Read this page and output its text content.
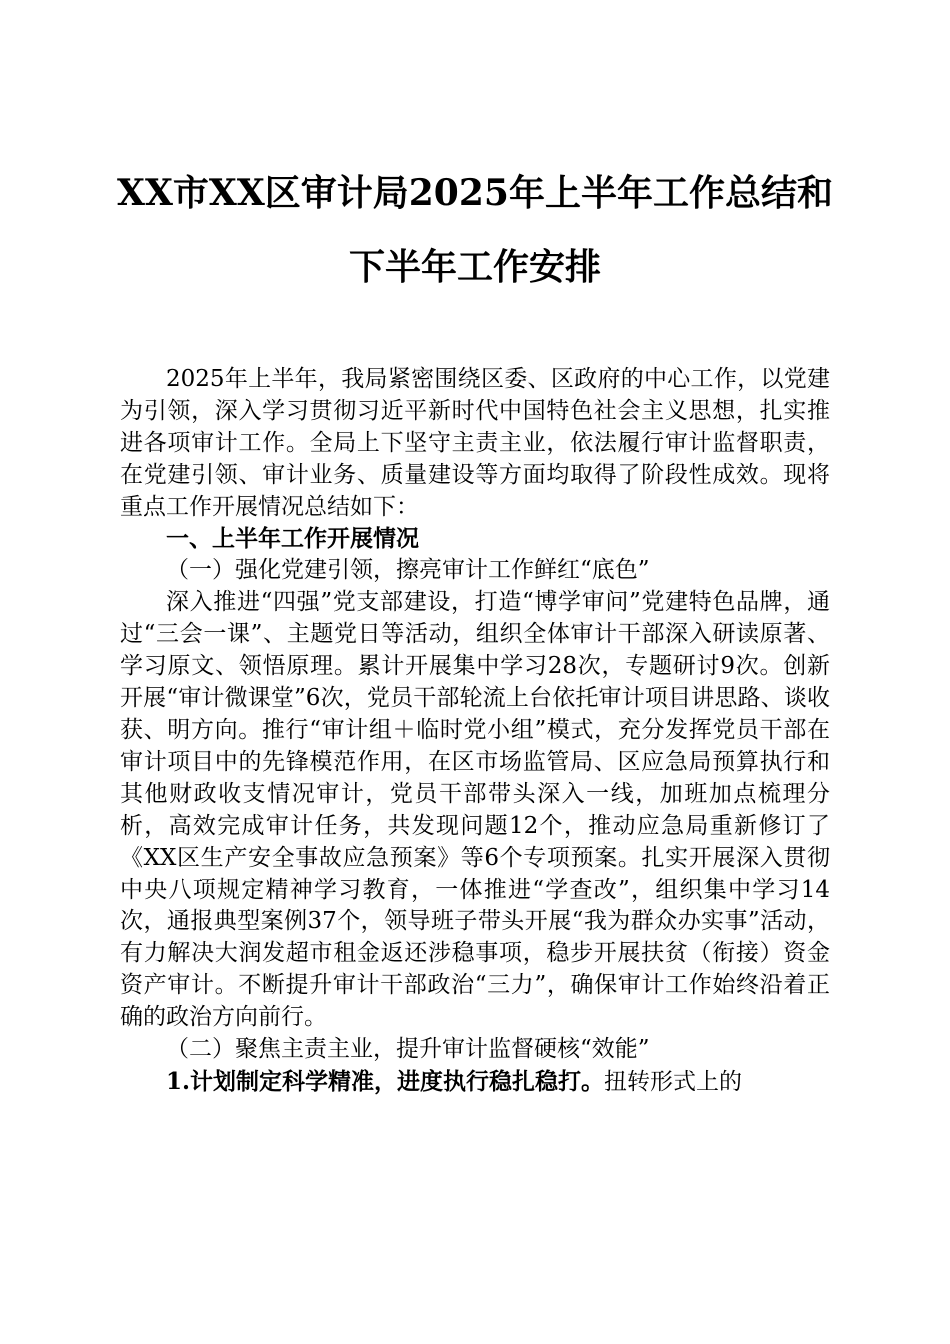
XX市XX区审计局2025年上半年工作总结和
下半年工作安排

2025年上半年，我局紧密围绕区委、区政府的中心工作，以党建为引领，深入学习贯彻习近平新时代中国特色社会主义思想，扎实推进各项审计工作。全局上下坚守主责主业，依法履行审计监督职责，在党建引领、审计业务、质量建设等方面均取得了阶段性成效。现将重点工作开展情况总结如下：

一、上半年工作开展情况

（一）强化党建引领，擦亮审计工作鲜红“底色”

深入推进“四强”党支部建设，打造“博学审问”党建特色品牌，通过“三会一课”、主题党日等活动，组织全体审计干部深入研读原著、学习原文、领悟原理。累计开展集中学习28次，专题研讨9次。创新开展“审计微课堂”6次，党员干部轮流上台依托审计项目讲思路、谈收获、明方向。推行“审计组＋临时党小组”模式，充分发挥党员干部在审计项目中的先锋模范作用，在区市场监管局、区应急局预算执行和其他财政收支情况审计，党员干部带头深入一线，加班加点梳理分析，高效完成审计任务，共发现问题12个，推动应急局重新修订了《XX区生产安全事故应急预案》等6个专项预案。扎实开展深入贯彻中央八项规定精神学习教育，一体推进“学查改”，组织集中学习14次，通报典型案例37个，领导班子带头开展“我为群众办实事”活动，有力解决大润发超市租金返还涉稳事项，稳步开展扶贫（衔接）资金资产审计。不断提升审计干部政治“三力”，确保审计工作始终沿着正确的政治方向前行。

（二）聚焦主责主业，提升审计监督硬核“效能”

1.计划制定科学精准，进度执行稳扎稳打。扭转形式上的
